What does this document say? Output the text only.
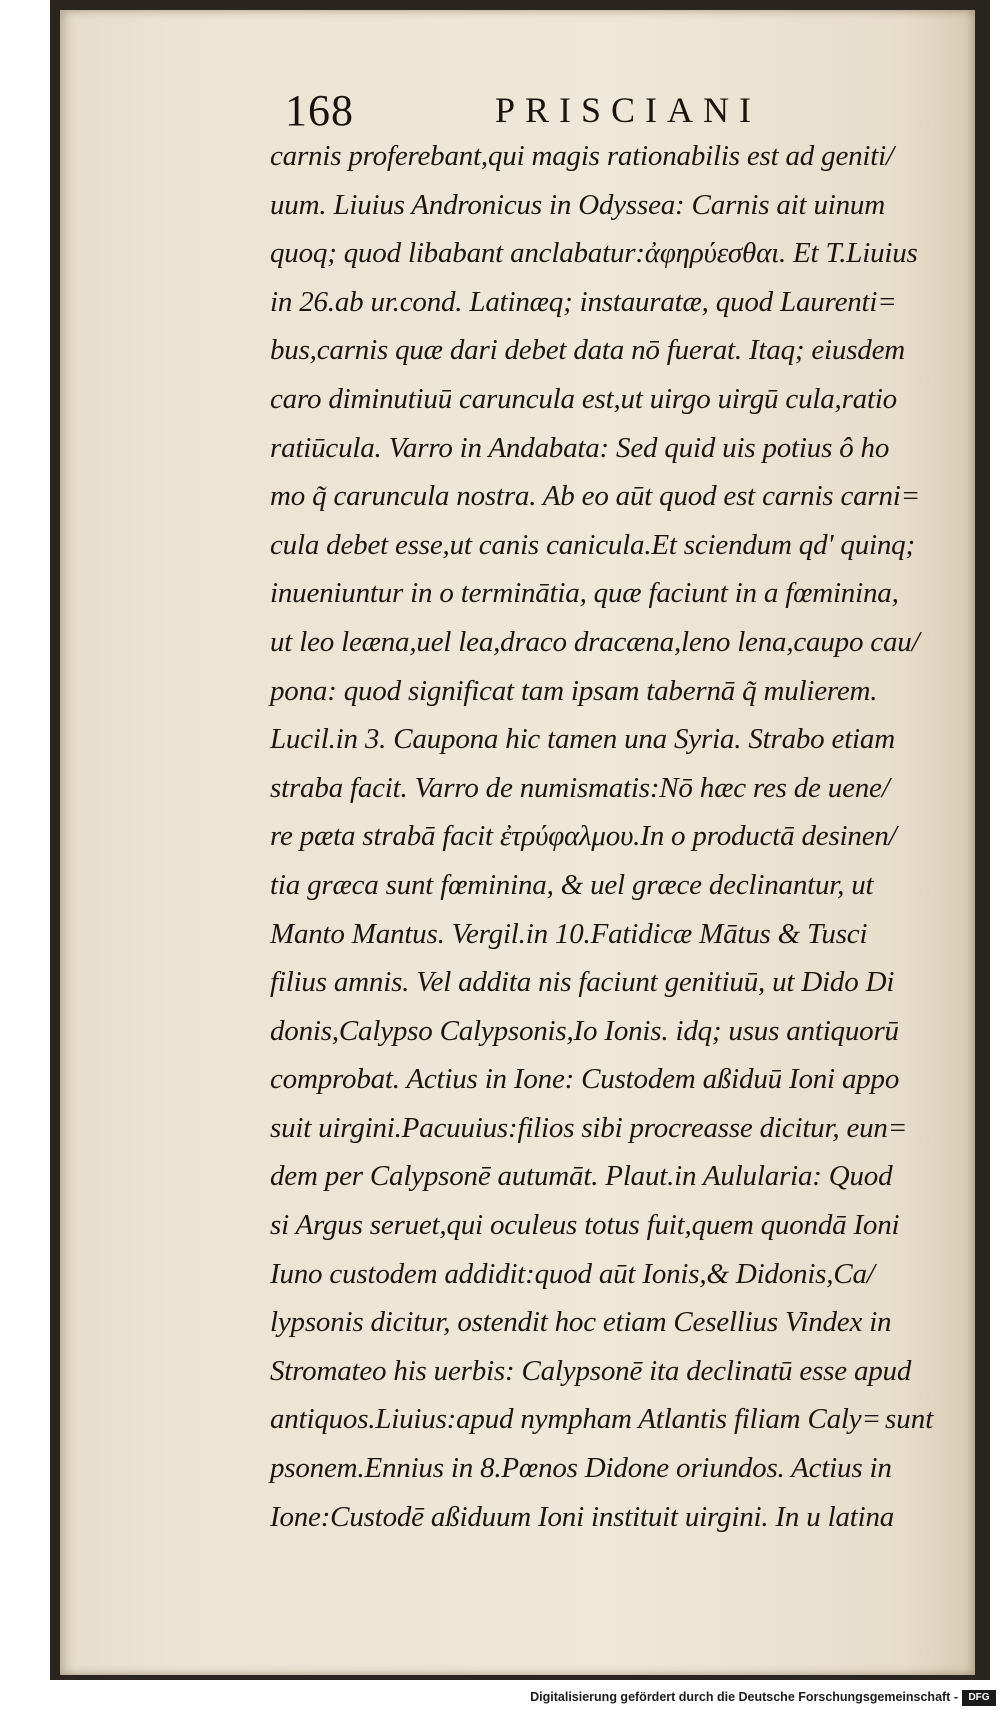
168	PRISCIANI
carnis proferebant,qui magis rationabilis est ad geniti/
uum. Liuius Andronicus in Odyssea: Carnis ait uinum
quoq; quod libabant anclabatur:ἀφηρύεσθαι. Et T.Liuius
in 26.ab ur.cond. Latinæq; instauratæ, quod Laurenti=
bus,carnis quæ dari debet data nō fuerat. Itaq; eiusdem
caro diminutiuū caruncula est,ut uirgo uirgū cula,ratio
ratiūcula. Varro in Andabata: Sed quid uis potius ô ho
mo q̃ caruncula nostra. Ab eo aūt quod est carnis carni=
cula debet esse,ut canis canicula.Et sciendum qd' quinq;
inueniuntur in o terminātia, quæ faciunt in a fœminina,
ut leo leæna,uel lea,draco dracæna,leno lena,caupo cau/
pona: quod significat tam ipsam tabernā q̃ mulierem.
Lucil.in 3. Caupona hic tamen una Syria. Strabo etiam
straba facit. Varro de numismatis:Nō hæc res de uene/
re pæta strabā facit ἐτρύφαλμου.In o productā desinen/
tia græca sunt fœminina, & uel græce declinantur, ut
Manto Mantus. Vergil.in 10.Fatidicæ Mātus & Tusci
filius amnis. Vel addita nis faciunt genitiuū, ut Dido Di
donis,Calypso Calypsonis,Io Ionis. idq; usus antiquorū
comprobat. Actius in Ione: Custodem aßiduū Ioni appo
suit uirgini.Pacuuius:filios sibi procreasse dicitur, eun=
dem per Calypsonē autumāt. Plaut.in Aulularia: Quod
si Argus seruet,qui oculeus totus fuit,quem quondā Ioni
Iuno custodem addidit:quod aūt Ionis,& Didonis,Ca/
lypsonis dicitur, ostendit hoc etiam Cesellius Vindex in
Stromateo his uerbis: Calypsonē ita declinatū esse apud
antiquos.Liuius:apud nympham Atlantis filiam Caly=
psonem.Ennius in 8.Pœnos Didone oriundos. Actius in
Ione:Custodē aßiduum Ioni instituit uirgini. In u latina
sunt
Digitalisierung gefördert durch die Deutsche Forschungsgemeinschaft -	DFG
